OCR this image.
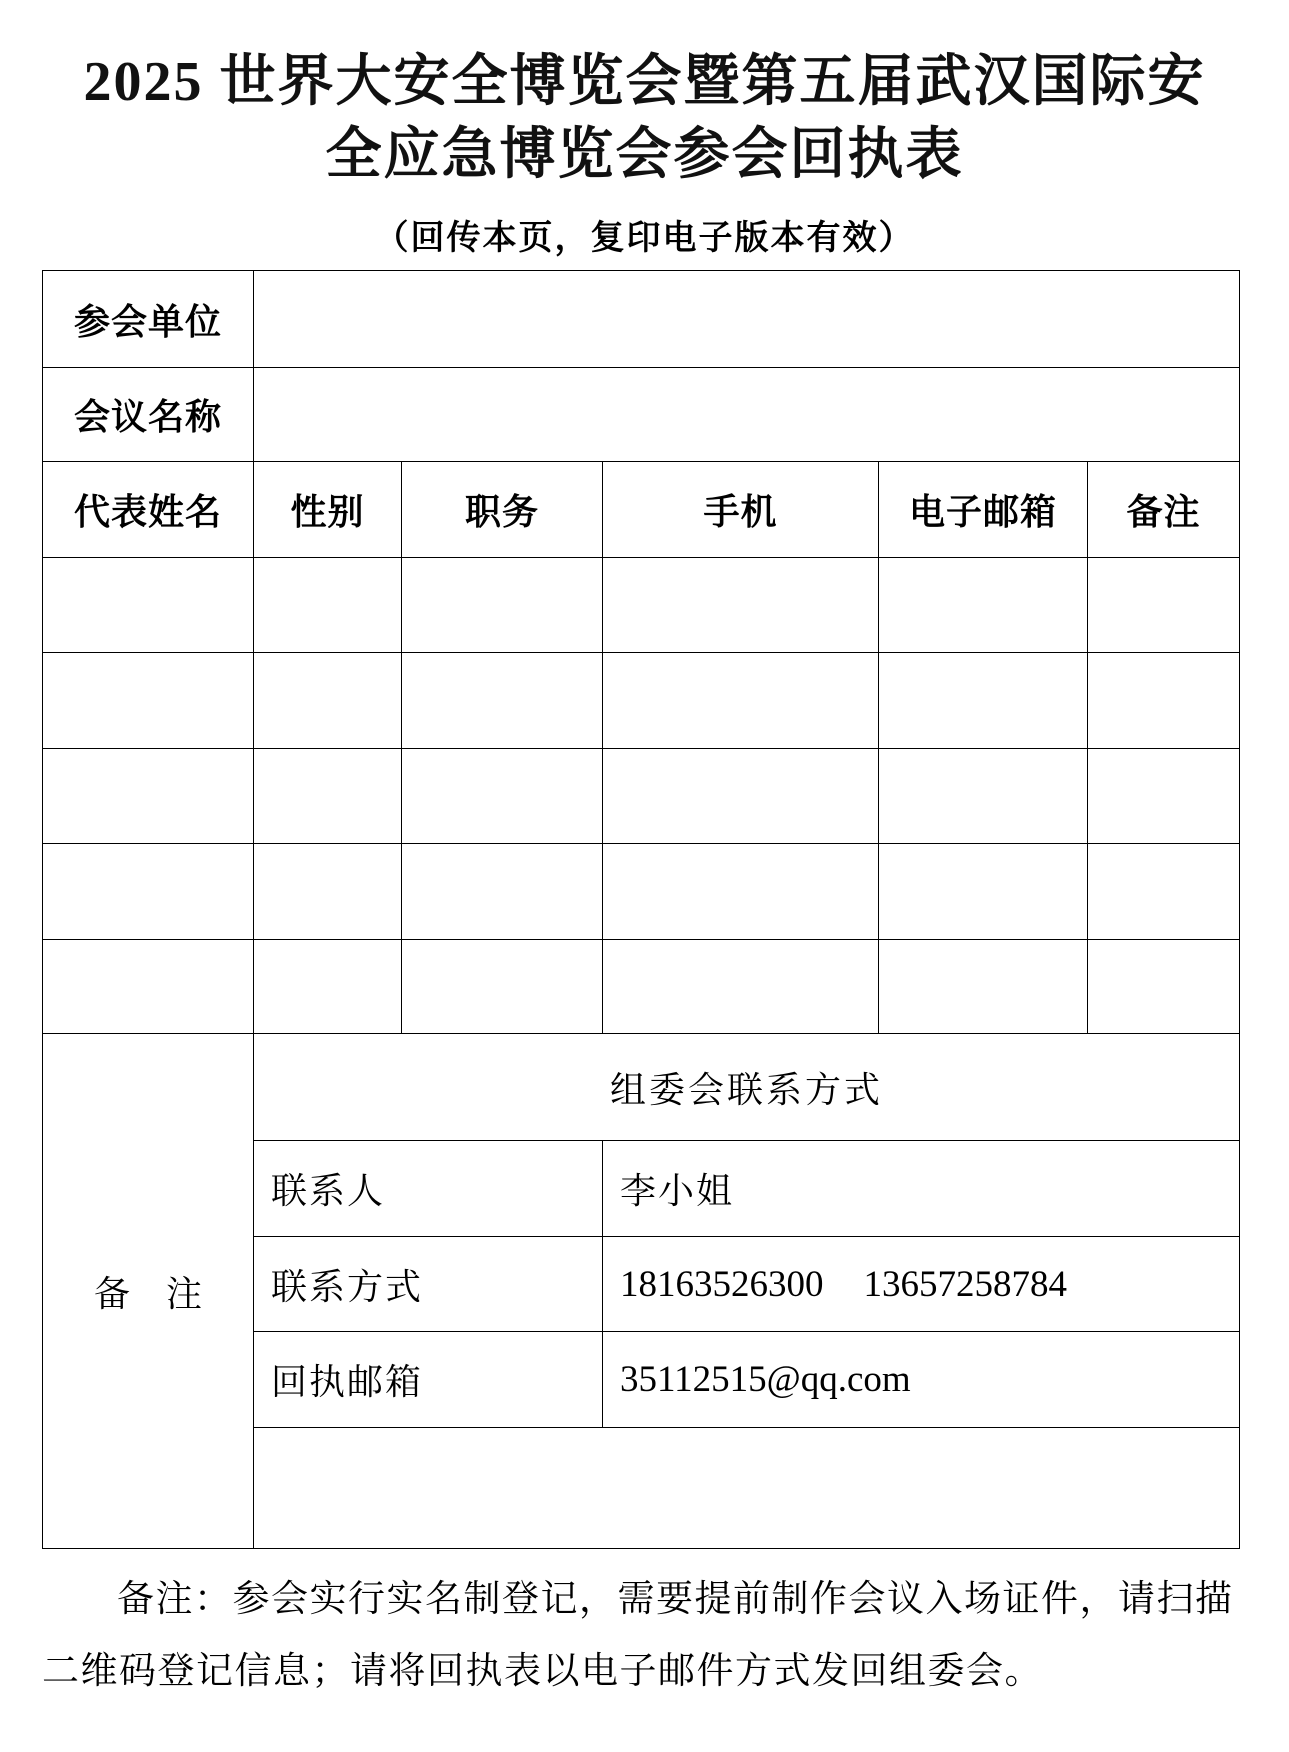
2025 世界大安全博览会暨第五届武汉国际安
全应急博览会参会回执表
（回传本页，复印电子版本有效）
参会单位					
会议名称					
代表姓名	性别	职务	手机	电子邮箱	备注

备　注	组委会联系方式				
	联系人		李小姐		
	联系方式		18163526300 13657258784		
	回执邮箱		35112515@qq.com		

备注：参会实行实名制登记，需要提前制作会议入场证件，请扫描
二维码登记信息；请将回执表以电子邮件方式发回组委会。
